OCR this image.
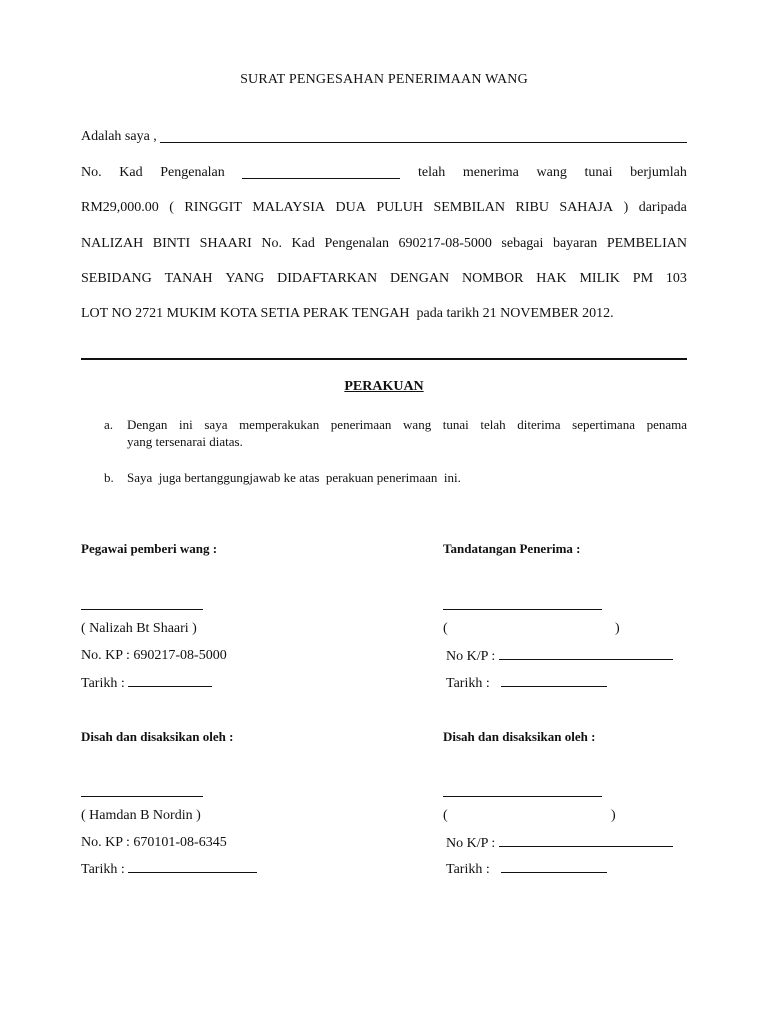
SURAT PENGESAHAN PENERIMAAN WANG
Adalah saya ,
No. Kad Pengenalan	telah menerima wang tunai berjumlah
RM29,000.00 ( RINGGIT MALAYSIA DUA PULUH SEMBILAN RIBU SAHAJA ) daripada
NALIZAH BINTI SHAARI No. Kad Pengenalan 690217-08-5000 sebagai bayaran PEMBELIAN
SEBIDANG TANAH YANG DIDAFTARKAN DENGAN NOMBOR HAK MILIK PM 103
LOT NO 2721 MUKIM KOTA SETIA PERAK TENGAH  pada tarikh 21 NOVEMBER 2012.
PERAKUAN
a. Dengan ini saya memperakukan penerimaan wang tunai telah diterima sepertimana penama
yang tersenarai diatas.
b. Saya  juga bertanggungjawab ke atas  perakuan penerimaan  ini.
Pegawai pemberi wang :	Tandatangan Penerima :
( Nalizah Bt Shaari )	(	)
No. KP : 690217-08-5000	No K/P :
Tarikh :	Tarikh :
Disah dan disaksikan oleh :	Disah dan disaksikan oleh :
( Hamdan B Nordin )	(	)
No. KP : 670101-08-6345	No K/P :
Tarikh :	Tarikh :
